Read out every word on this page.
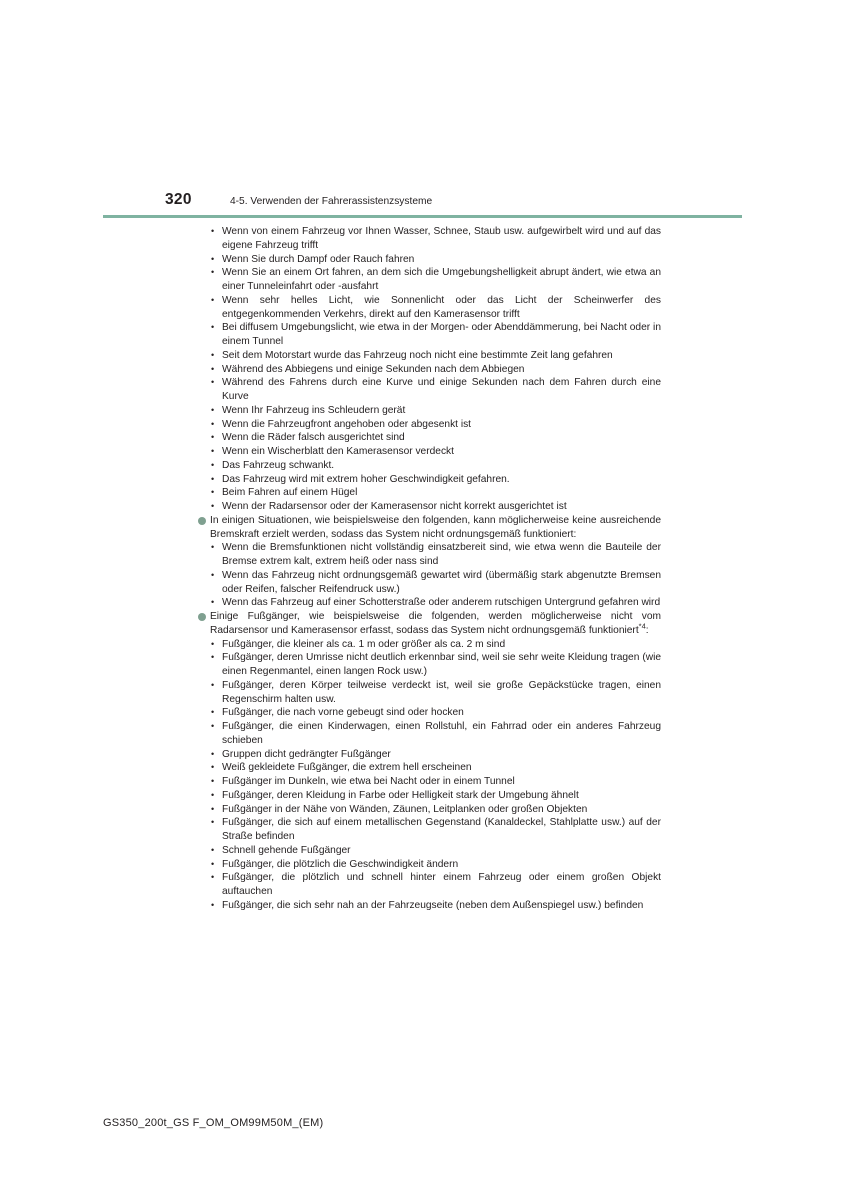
320	4-5. Verwenden der Fahrerassistenzsysteme
• Wenn von einem Fahrzeug vor Ihnen Wasser, Schnee, Staub usw. aufgewirbelt wird und auf das eigene Fahrzeug trifft
• Wenn Sie durch Dampf oder Rauch fahren
• Wenn Sie an einem Ort fahren, an dem sich die Umgebungshelligkeit abrupt ändert, wie etwa an einer Tunneleinfahrt oder -ausfahrt
• Wenn sehr helles Licht, wie Sonnenlicht oder das Licht der Scheinwerfer des entgegenkommenden Verkehrs, direkt auf den Kamerasensor trifft
• Bei diffusem Umgebungslicht, wie etwa in der Morgen- oder Abenddämmerung, bei Nacht oder in einem Tunnel
• Seit dem Motorstart wurde das Fahrzeug noch nicht eine bestimmte Zeit lang gefahren
• Während des Abbiegens und einige Sekunden nach dem Abbiegen
• Während des Fahrens durch eine Kurve und einige Sekunden nach dem Fahren durch eine Kurve
• Wenn Ihr Fahrzeug ins Schleudern gerät
• Wenn die Fahrzeugfront angehoben oder abgesenkt ist
• Wenn die Räder falsch ausgerichtet sind
• Wenn ein Wischerblatt den Kamerasensor verdeckt
• Das Fahrzeug schwankt.
• Das Fahrzeug wird mit extrem hoher Geschwindigkeit gefahren.
• Beim Fahren auf einem Hügel
• Wenn der Radarsensor oder der Kamerasensor nicht korrekt ausgerichtet ist
In einigen Situationen, wie beispielsweise den folgenden, kann möglicherweise keine ausreichende Bremskraft erzielt werden, sodass das System nicht ordnungsgemäß funktioniert:
• Wenn die Bremsfunktionen nicht vollständig einsatzbereit sind, wie etwa wenn die Bauteile der Bremse extrem kalt, extrem heiß oder nass sind
• Wenn das Fahrzeug nicht ordnungsgemäß gewartet wird (übermäßig stark abgenutzte Bremsen oder Reifen, falscher Reifendruck usw.)
• Wenn das Fahrzeug auf einer Schotterstraße oder anderem rutschigen Untergrund gefahren wird
Einige Fußgänger, wie beispielsweise die folgenden, werden möglicherweise nicht vom Radarsensor und Kamerasensor erfasst, sodass das System nicht ordnungsgemäß funktioniert$^{*4}$:
• Fußgänger, die kleiner als ca. 1 m oder größer als ca. 2 m sind
• Fußgänger, deren Umrisse nicht deutlich erkennbar sind, weil sie sehr weite Kleidung tragen (wie einen Regenmantel, einen langen Rock usw.)
• Fußgänger, deren Körper teilweise verdeckt ist, weil sie große Gepäckstücke tragen, einen Regenschirm halten usw.
• Fußgänger, die nach vorne gebeugt sind oder hocken
• Fußgänger, die einen Kinderwagen, einen Rollstuhl, ein Fahrrad oder ein anderes Fahrzeug schieben
• Gruppen dicht gedrängter Fußgänger
• Weiß gekleidete Fußgänger, die extrem hell erscheinen
• Fußgänger im Dunkeln, wie etwa bei Nacht oder in einem Tunnel
• Fußgänger, deren Kleidung in Farbe oder Helligkeit stark der Umgebung ähnelt
• Fußgänger in der Nähe von Wänden, Zäunen, Leitplanken oder großen Objekten
• Fußgänger, die sich auf einem metallischen Gegenstand (Kanaldeckel, Stahlplatte usw.) auf der Straße befinden
• Schnell gehende Fußgänger
• Fußgänger, die plötzlich die Geschwindigkeit ändern
• Fußgänger, die plötzlich und schnell hinter einem Fahrzeug oder einem großen Objekt auftauchen
• Fußgänger, die sich sehr nah an der Fahrzeugseite (neben dem Außenspiegel usw.) befinden
GS350_200t_GS F_OM_OM99M50M_(EM)
